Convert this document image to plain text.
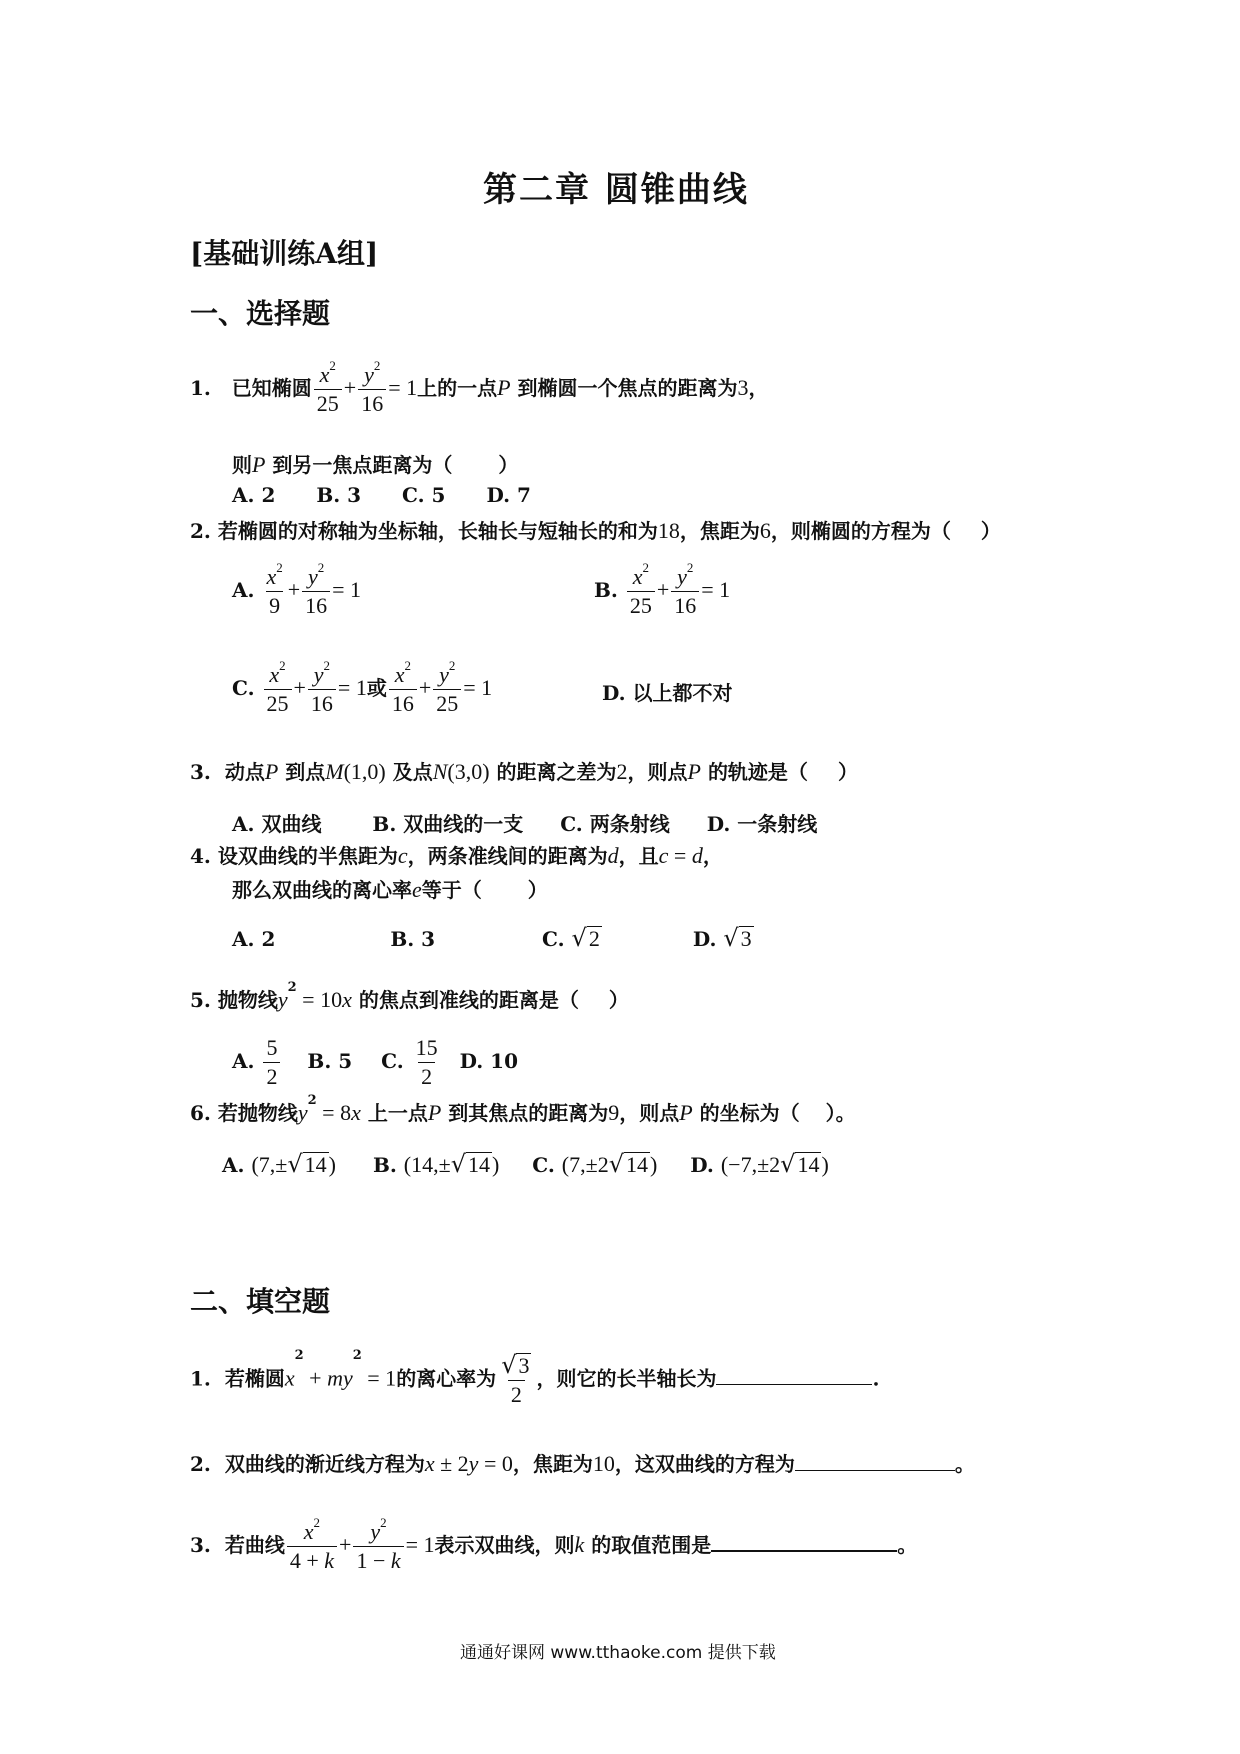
第二章 圆锥曲线
[基础训练A组]
一、选择题
1. 已知椭圆 $\frac{x^2}{25} + \frac{y^2}{16} = 1$上的一点P 到椭圆一个焦点的距离为3，
则P 到另一焦点距离为（ ）
A. 2 B. 3 C. 5 D. 7
2. 若椭圆的对称轴为坐标轴，长轴长与短轴长的和为18，焦距为6，则椭圆的方程为（ ）
A. $\frac{x^2}{9} + \frac{y^2}{16} = 1$	B. $\frac{x^2}{25} + \frac{y^2}{16} = 1$
C. $\frac{x^2}{25} + \frac{y^2}{16} = 1$或 $\frac{x^2}{16} + \frac{y^2}{25} = 1$	D. 以上都不对
3. 动点P 到点M(1,0) 及点N(3,0) 的距离之差为2，则点P 的轨迹是（ ）
A. 双曲线	B. 双曲线的一支 C. 两条射线 D. 一条射线
4. 设双曲线的半焦距为c，两条准线间的距离为d，且c = d，
那么双曲线的离心率e等于（ ）
A. 2	B. 3	C. √2	D. √3
5. 抛物线$y^2 = 10x$ 的焦点到准线的距离是（ ）
A. $\frac{5}{2} B$. 5 C. $\frac{15}{2} D$. 10
6. 若抛物线$y^2 = 8x$ 上一点P 到其焦点的距离为9，则点P 的坐标为（ ）。
A. (7,±√14) B. (14,±√14) C. (7,±2√14) D. (−7,±2√14)
二、填空题
1. 若椭圆$x^2 + my^2 = 1$的离心率为 $\frac{√3}{2}$ ，则它的长半轴长为	.
2. 双曲线的渐近线方程为x ± 2y = 0，焦距为10，这双曲线的方程为	。
3. 若曲线 $\frac{x^2}{4 + k} + \frac{y^2}{1 - k} = 1$表示双曲线，则k 的取值范围是	。
通通好课网 www.tthaoke.com 提供下载
